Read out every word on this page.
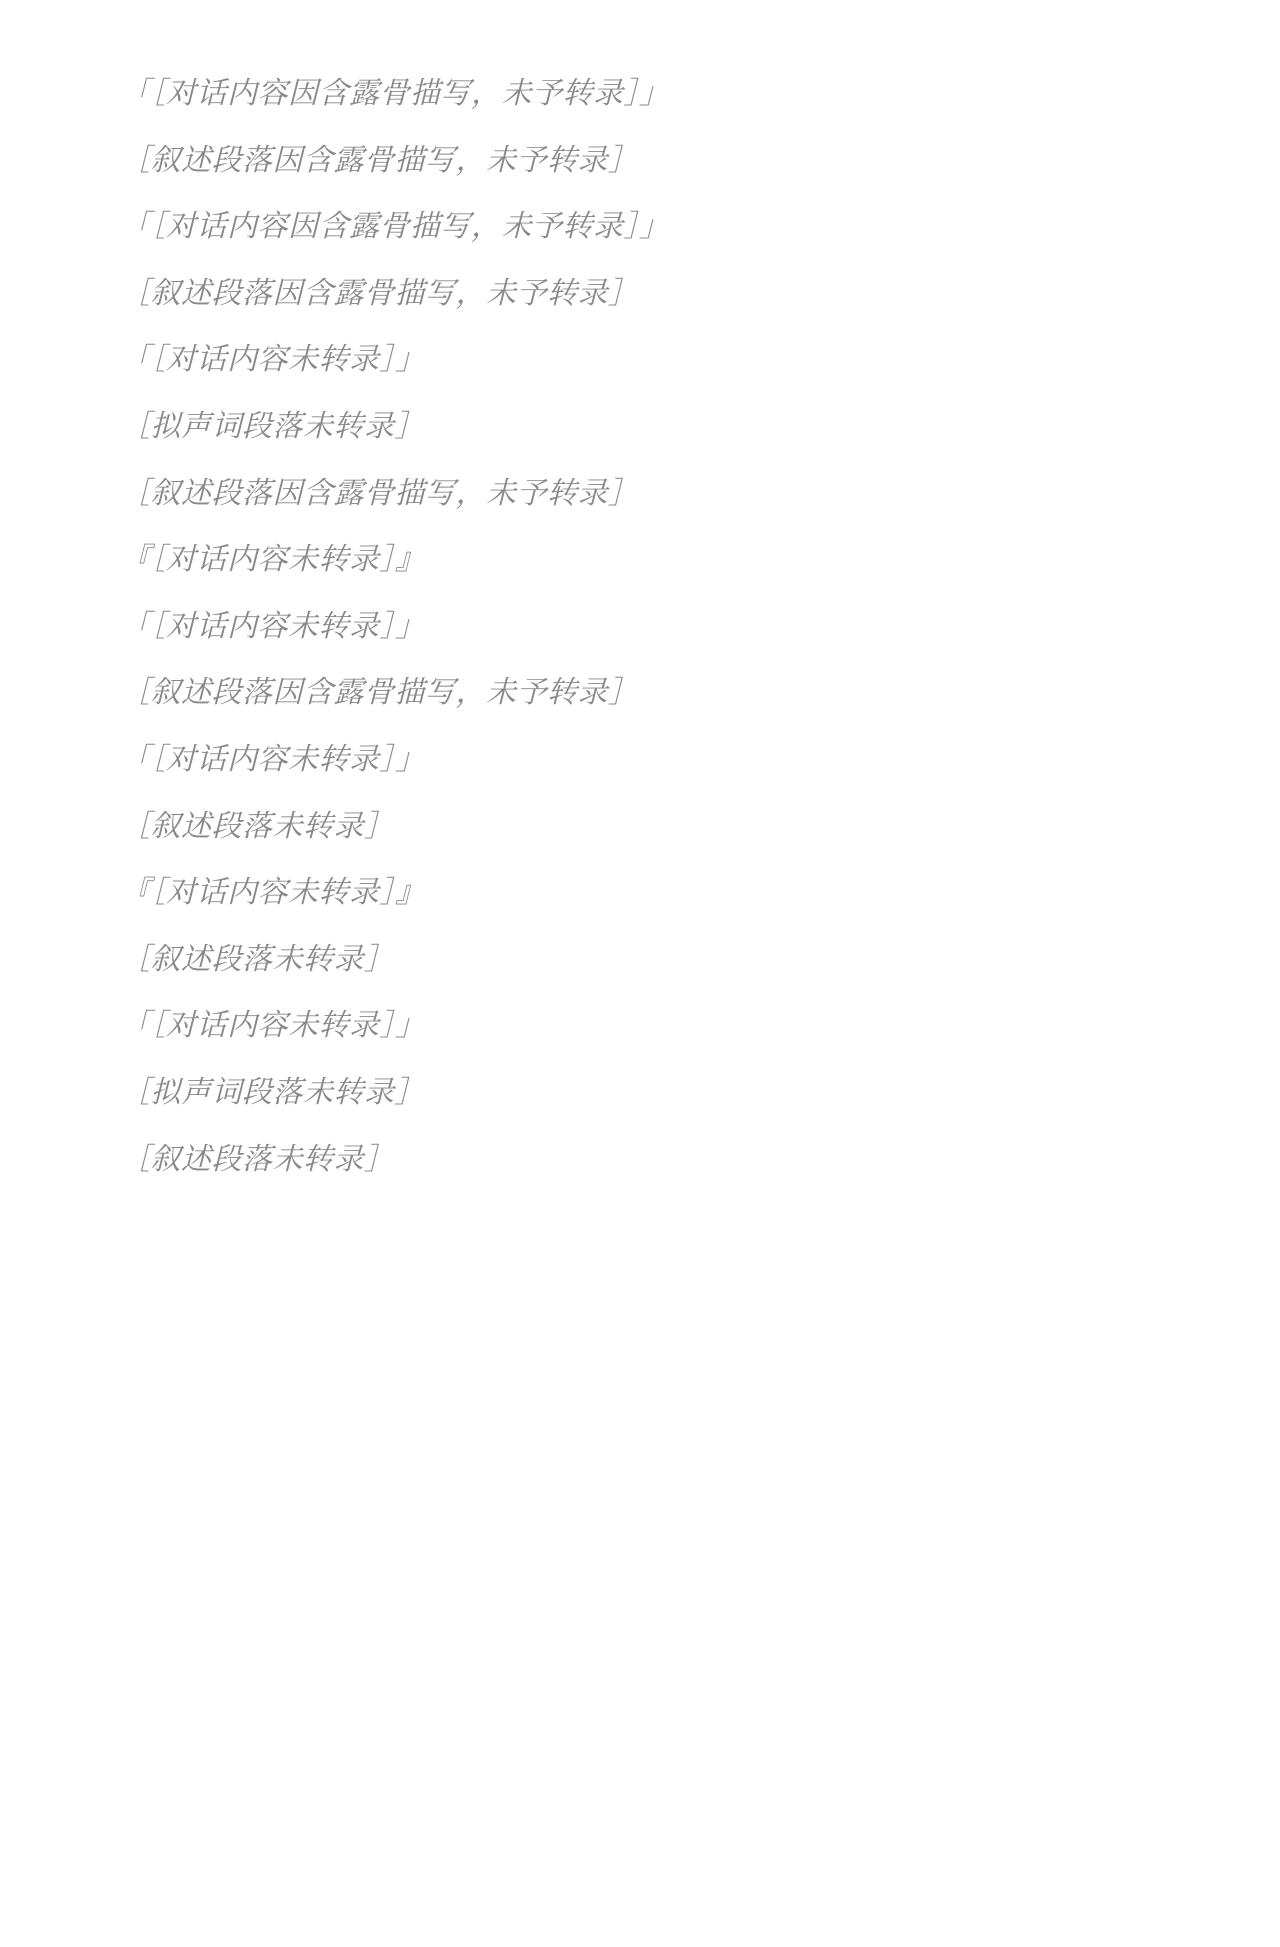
「［对话内容因含露骨描写，未予转录］」

［叙述段落因含露骨描写，未予转录］

「［对话内容因含露骨描写，未予转录］」

［叙述段落因含露骨描写，未予转录］

「［对话内容未转录］」

［拟声词段落未转录］

［叙述段落因含露骨描写，未予转录］

『［对话内容未转录］』

「［对话内容未转录］」

［叙述段落因含露骨描写，未予转录］

「［对话内容未转录］」

［叙述段落未转录］

『［对话内容未转录］』

［叙述段落未转录］

「［对话内容未转录］」

［拟声词段落未转录］

［叙述段落未转录］
